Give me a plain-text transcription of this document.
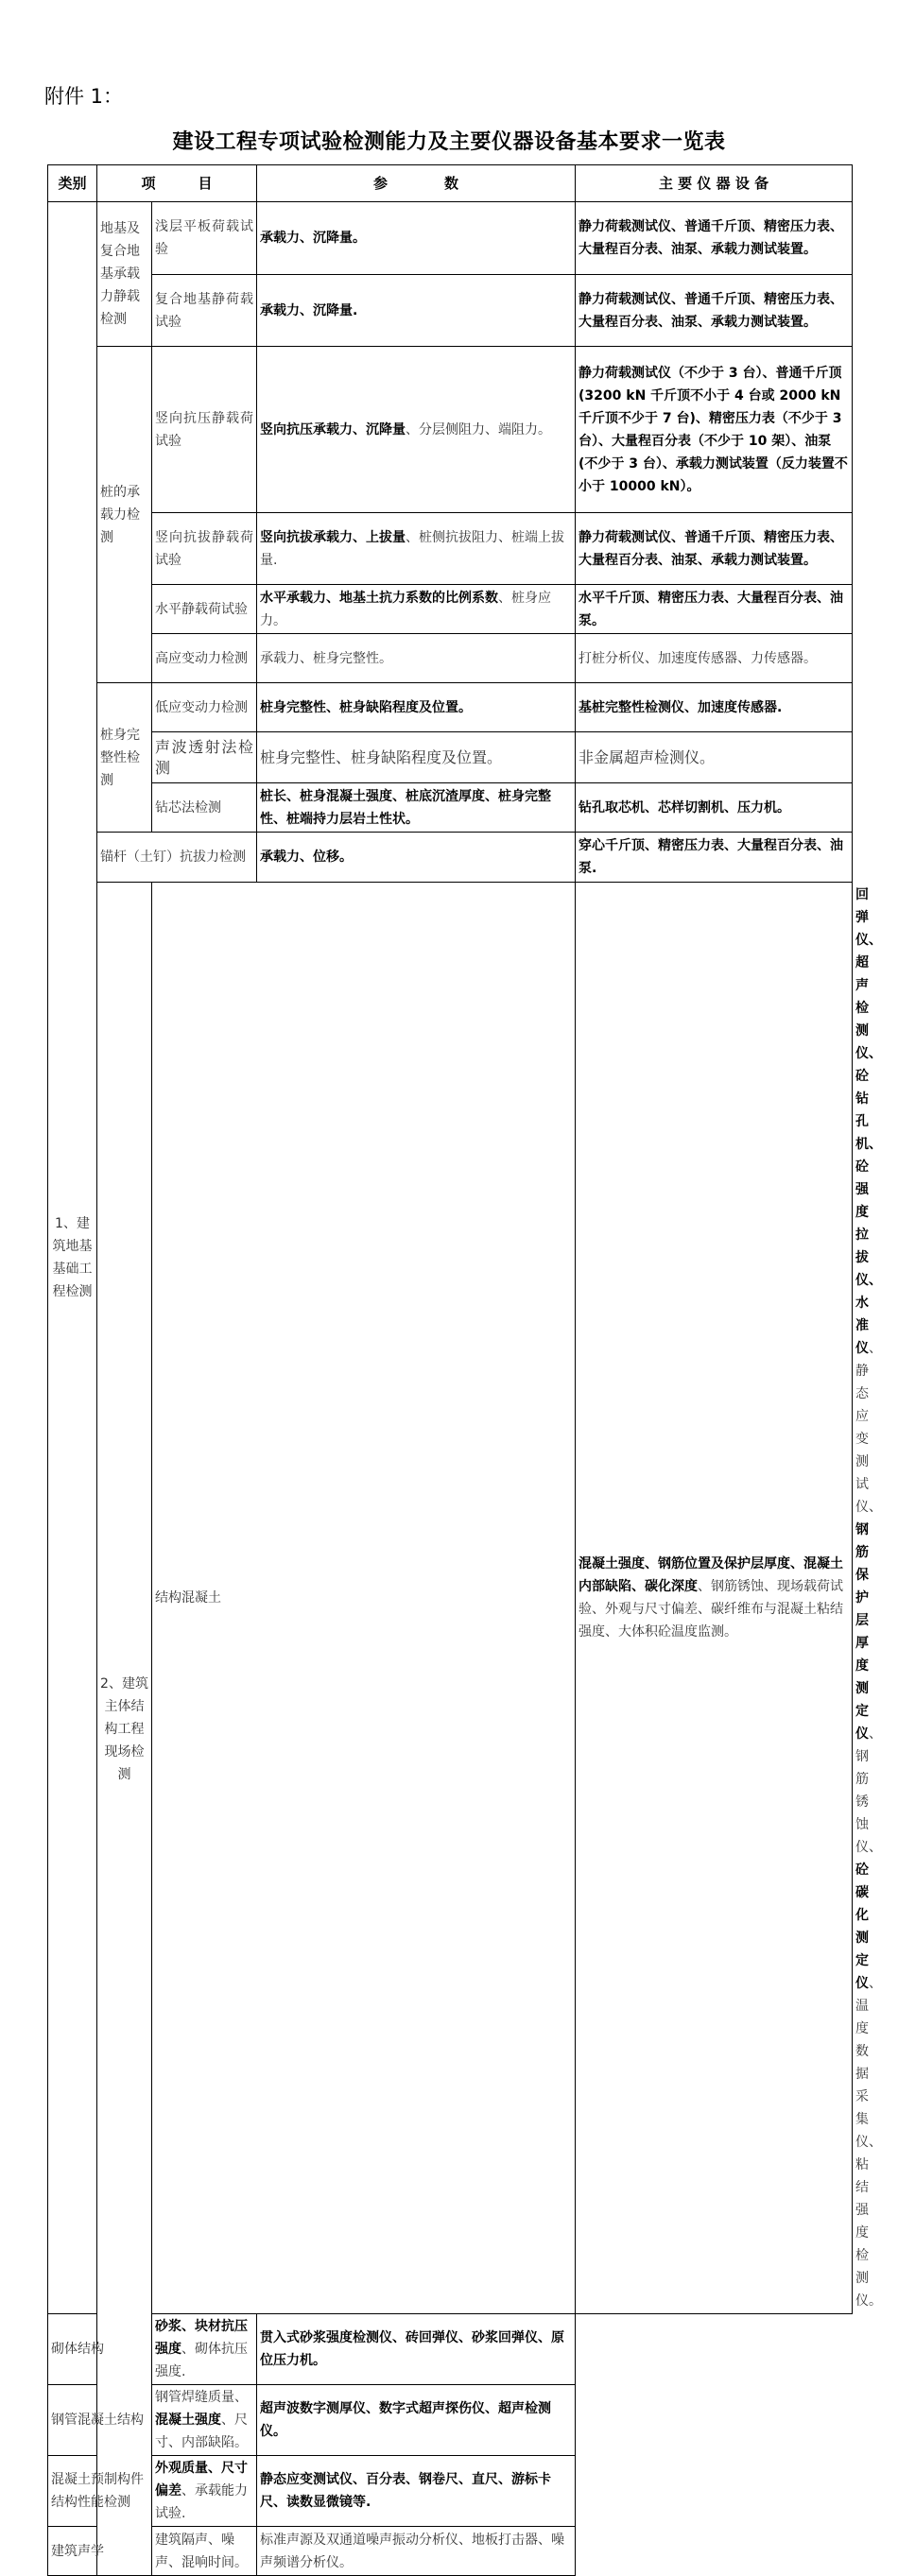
附件 1：
建设工程专项试验检测能力及主要仪器设备基本要求一览表
类别	项　　　目		参　　　　数	主 要 仪 器 设 备	
1、建筑地基基础工程检测	地基及复合地基承载力静载检测	浅层平板荷载试验	承载力、沉降量。	静力荷载测试仪、普通千斤顶、精密压力表、大量程百分表、油泵、承载力测试装置。	
		复合地基静荷载试验	承载力、沉降量.	静力荷载测试仪、普通千斤顶、精密压力表、大量程百分表、油泵、承载力测试装置。	
	桩的承载力检测	竖向抗压静载荷试验	竖向抗压承载力、沉降量、分层侧阻力、端阻力。	静力荷载测试仪（不少于 3 台）、普通千斤顶(3200 kN 千斤顶不小于 4 台或 2000 kN 千斤顶不少于 7 台)、精密压力表（不少于 3 台）、大量程百分表（不少于 10 架）、油泵(不少于 3 台）、承载力测试装置（反力装置不小于 10000 kN）。	
		竖向抗拔静载荷试验	竖向抗拔承载力、上拔量、桩侧抗拔阻力、桩端上拔量.	静力荷载测试仪、普通千斤顶、精密压力表、大量程百分表、油泵、承载力测试装置。	
		水平静载荷试验	水平承载力、地基土抗力系数的比例系数、桩身应力。	水平千斤顶、精密压力表、大量程百分表、油泵。	
		高应变动力检测	承载力、桩身完整性。	打桩分析仪、加速度传感器、力传感器。	
	桩身完整性检测	低应变动力检测	桩身完整性、桩身缺陷程度及位置。	基桩完整性检测仪、加速度传感器.	
		声波透射法检测	桩身完整性、桩身缺陷程度及位置。	非金属超声检测仪。	
		钻芯法检测	桩长、桩身混凝土强度、桩底沉渣厚度、桩身完整性、桩端持力层岩土性状。	钻孔取芯机、芯样切割机、压力机。	
	锚杆（土钉）抗拔力检测		承载力、位移。	穿心千斤顶、精密压力表、大量程百分表、油泵.	
	2、建筑主体结构工程现场检测	结构混凝土		混凝土强度、钢筋位置及保护层厚度、混凝土内部缺陷、碳化深度、钢筋锈蚀、现场载荷试验、外观与尺寸偏差、碳纤维布与混凝土粘结强度、大体积砼温度监测。	回弹仪、超声检测仪、砼钻孔机、砼强度拉拔仪、水准仪、静态应变测试仪、钢筋保护层厚度测定仪、钢筋锈蚀仪、砼碳化测定仪、温度数据采集仪、粘结强度检测仪。
砌体结构		砂浆、块材抗压强度、砌体抗压强度.	贯入式砂浆强度检测仪、砖回弹仪、砂浆回弹仪、原位压力机。		
钢管混凝土结构		钢管焊缝质量、混凝土强度、尺寸、内部缺陷。	超声波数字测厚仪、数字式超声探伤仪、超声检测仪。		
混凝土预制构件结构性能检测		外观质量、尺寸偏差、承载能力试验.	静态应变测试仪、百分表、钢卷尺、直尺、游标卡尺、读数显微镜等.		
建筑声学		建筑隔声、噪声、混响时间。	标准声源及双通道噪声振动分析仪、地板打击器、噪声频谱分析仪。		
